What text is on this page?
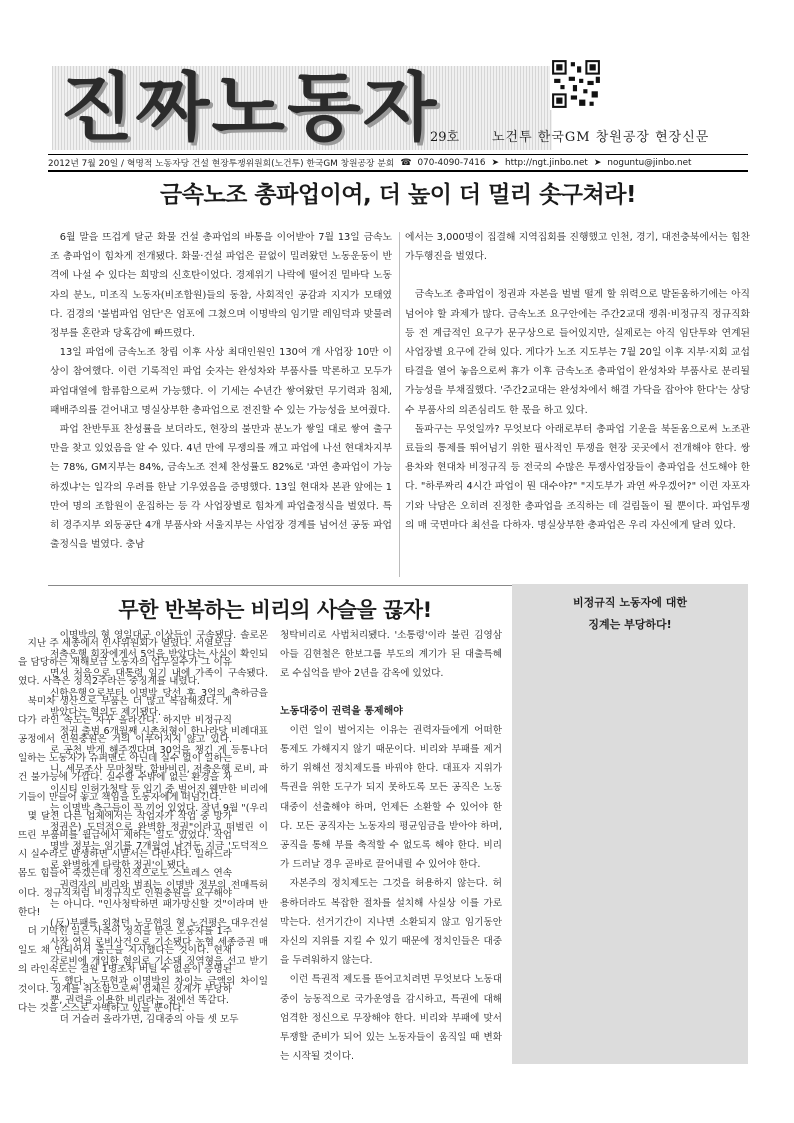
진짜노동자
29호	노건투 한국GM 창원공장 현장신문
2012년 7월 20일 / 혁명적 노동자당 건설 현장투쟁위원회(노건투) 한국GM 창원공장 분회 ☎ 070-4090-7416 ➤ http://ngt.jinbo.net ➤ noguntu@jinbo.net
금속노조 총파업이여, 더 높이 더 멀리 솟구쳐라!

6월 말을 뜨겁게 달군 화물 건설 총파업의 바통을 이어받아 7월 13일 금속노조 총파업이 힘차게 전개됐다. 화물·건설 파업은 끝없이 밀려왔던 노동운동이 반격에 나설 수 있다는 희망의 신호탄이었다. 경제위기 나락에 떨어진 밑바닥 노동자의 분노, 미조직 노동자(비조합원)들의 동참, 사회적인 공감과 지지가 모태였다. 검경의 '불법파업 엄단'은 엄포에 그쳤으며 이명박의 임기말 레임덕과 맞물려 정부를 혼란과 당혹감에 빠뜨렸다.

13일 파업에 금속노조 창립 이후 사상 최대인원인 130여 개 사업장 10만 이상이 참여했다. 이런 기록적인 파업 숫자는 완성차와 부품사를 막론하고 모두가 파업대열에 합류함으로써 가능했다. 이 기세는 수년간 쌓여왔던 무기력과 침체, 패배주의를 걷어내고 명실상부한 총파업으로 전진할 수 있는 가능성을 보여줬다.

파업 찬반투표 찬성률을 보더라도, 현장의 불만과 분노가 쌓일 대로 쌓여 출구만을 찾고 있었음을 알 수 있다. 4년 만에 무쟁의를 깨고 파업에 나선 현대차지부는 78%, GM지부는 84%, 금속노조 전체 찬성률도 82%로 '과연 총파업이 가능하겠냐'는 일각의 우려를 한낱 기우였음을 증명했다. 13일 현대차 본관 앞에는 1만여 명의 조합원이 운집하는 등 각 사업장별로 힘차게 파업출정식을 벌였다. 특히 경주지부 외동공단 4개 부품사와 서울지부는 사업장 경계를 넘어선 공동 파업출정식을 벌였다. 충남

에서는 3,000명이 집결해 지역집회를 진행했고 인천, 경기, 대전충북에서는 힘찬 가두행진을 벌였다.

금속노조 총파업이 정권과 자본을 벌벌 떨게 할 위력으로 발돋움하기에는 아직 넘어야 할 과제가 많다. 금속노조 요구안에는 주간2교대 쟁취·비정규직 정규직화 등 전 계급적인 요구가 문구상으로 들어있지만, 실제로는 아직 임단투와 연계된 사업장별 요구에 갇혀 있다. 게다가 노조 지도부는 7월 20일 이후 지부·지회 교섭 타결을 열어 놓음으로써 휴가 이후 금속노조 총파업이 완성차와 부품사로 분리될 가능성을 부채질했다. '주간2교대는 완성차에서 해결 가닥을 잡아야 한다'는 상당수 부품사의 의존심리도 한 몫을 하고 있다.

돌파구는 무엇일까? 무엇보다 아래로부터 총파업 기운을 북돋움으로써 노조관료들의 통제를 뛰어넘기 위한 필사적인 투쟁을 현장 곳곳에서 전개해야 한다. 쌍용차와 현대차 비정규직 등 전국의 수많은 투쟁사업장들이 총파업을 선도해야 한다. "하루짜리 4시간 파업이 뭔 대수야?" "지도부가 과연 싸우겠어?" 이런 자포자기와 낙담은 오히려 진정한 총파업을 조직하는 데 걸림돌이 될 뿐이다. 파업투쟁의 매 국면마다 최선을 다하자. 명실상부한 총파업은 우리 자신에게 달려 있다.

무한 반복하는 비리의 사슬을 끊자!

이명박의 형 영일대군 이상득이 구속됐다. 솔로몬저축은행 회장에게서 5억을 받았다는 사실이 확인되면서 처음으로 대통령 임기 내에 가족이 구속됐다. 신한은행으로부터 이명박 당선 후 3억의 축하금을 받았다는 혐의도 제기됐다.

정권 출범 6개월째 시촌처형이 한나라당 비례대표로 공천 받게 해주겠다며 30억을 챙긴 게 등통나더니, 세무조사 무마청탁, 함바비리, 저축은행 로비, 파이시티 인허가청탁 등 입기 중 벌어진 웬만한 비리에는 이명박 측근들이 꼭 끼어 있었다. 작년 9월 "(우리 정권은) 도덕적으로 완벽한 정권"이라고 떠벌린 이명박 정부는 임기를 7개월여 남겨둔 지금 '도덕적으로 완벽하게 타락한 정권'이 됐다.

권력자의 비리와 범죄는 이명박 정부의 전매특허는 아니다. "인사청탁하면 패가망신할 것"이라며 반(反)부패를 외쳤던 노무현의 형 노건평은 대우건설 사장 연임 로비사건으로 기소됐다 농협 세종증권 매각로비에 개입한 혐의로 기소돼 징역형을 선고 받기도 했다. 노무현과 이명박의 차이는 금액의 차이일 뿐, 권력을 이용한 비리라는 점에선 똑같다.

더 거슬러 올라가면, 김대중의 아들 셋 모두

청탁비리로 사법처리됐다. '소통령'이라 불린 김영삼 아들 김현철은 한보그룹 부도의 계기가 된 대출특혜로 수십억을 받아 2년을 감옥에 있었다.

노동대중이 권력을 통제해야

이런 일이 벌어지는 이유는 권력자들에게 어떠한 통제도 가해지지 않기 때문이다. 비리와 부패를 제거하기 위해선 정치제도를 바꿔야 한다. 대표자 지위가 특권을 위한 도구가 되지 못하도록 모든 공직은 노동대중이 선출해야 하며, 언제든 소환할 수 있어야 한다. 모든 공직자는 노동자의 평균임금을 받아야 하며, 공직을 통해 부를 축적할 수 없도록 해야 한다. 비리가 드러날 경우 곧바로 끌어내릴 수 있어야 한다.

자본주의 정치제도는 그것을 허용하지 않는다. 허용하더라도 복잡한 절차를 설치해 사실상 이를 가로막는다. 선거기간이 지나면 소환되지 않고 임기동안 자신의 지위를 지킬 수 있기 때문에 정치인들은 대중을 두려워하지 않는다.

이런 특권적 제도를 뜯어고치려면 무엇보다 노동대중이 능동적으로 국가운영을 감시하고, 특권에 대해 엄격한 정신으로 무장해야 한다. 비리와 부패에 맞서 투쟁할 준비가 되어 있는 노동자들이 움직일 때 변화는 시작될 것이다.

비정규직 노동자에 대한
징계는 부당하다!

지난 주 세종에서 인사위원회가 열렸다. 서열보급을 담당하는 재해보급 노동자의 업무실수가 그 이유였다. 사측은 정직2주라는 중징계를 내렸다.

북미차 생산으로 부품은 더 많고 복잡해졌다. 게다가 라인 속도는 자꾸 올라간다. 하지만 비정규직공정에서 인원충원은 거의 이루어지지 않고 있다. 일하는 노동자가 슈퍼맨도 아닌데 실수 없이 일하는 건 불가능에 가깝다. 실수할 수밖에 없는 환경을 자기들이 만들어 놓고 책임을 노동자에게 떠넘긴다.

몇 달전 다른 업체에서는 작업자가 작업 중 망가뜨린 부품비를 월급에서 제하는 일도 있었다. 작업 시 실수라도 발생하면 시말서는 다반사다. 일하느라 몸도 힘들어 죽겠는데 정신적으로도 스트레스 연속이다. 정규직처럼 비정규직도 인원충원을 요구해야 한다!

더 기막힌 일은 사측이 정직을 받은 노동자를 1주일도 채 안되어서 출근을 지시했다는 것이다. 현재의 라인속도는 결원 1명조차 버틸 수 없음이 증명된 것이다. 징계를 취소함으로써 업체는 징계가 부당하다는 것을 스스로 자백하고 있을 뿐이다.
